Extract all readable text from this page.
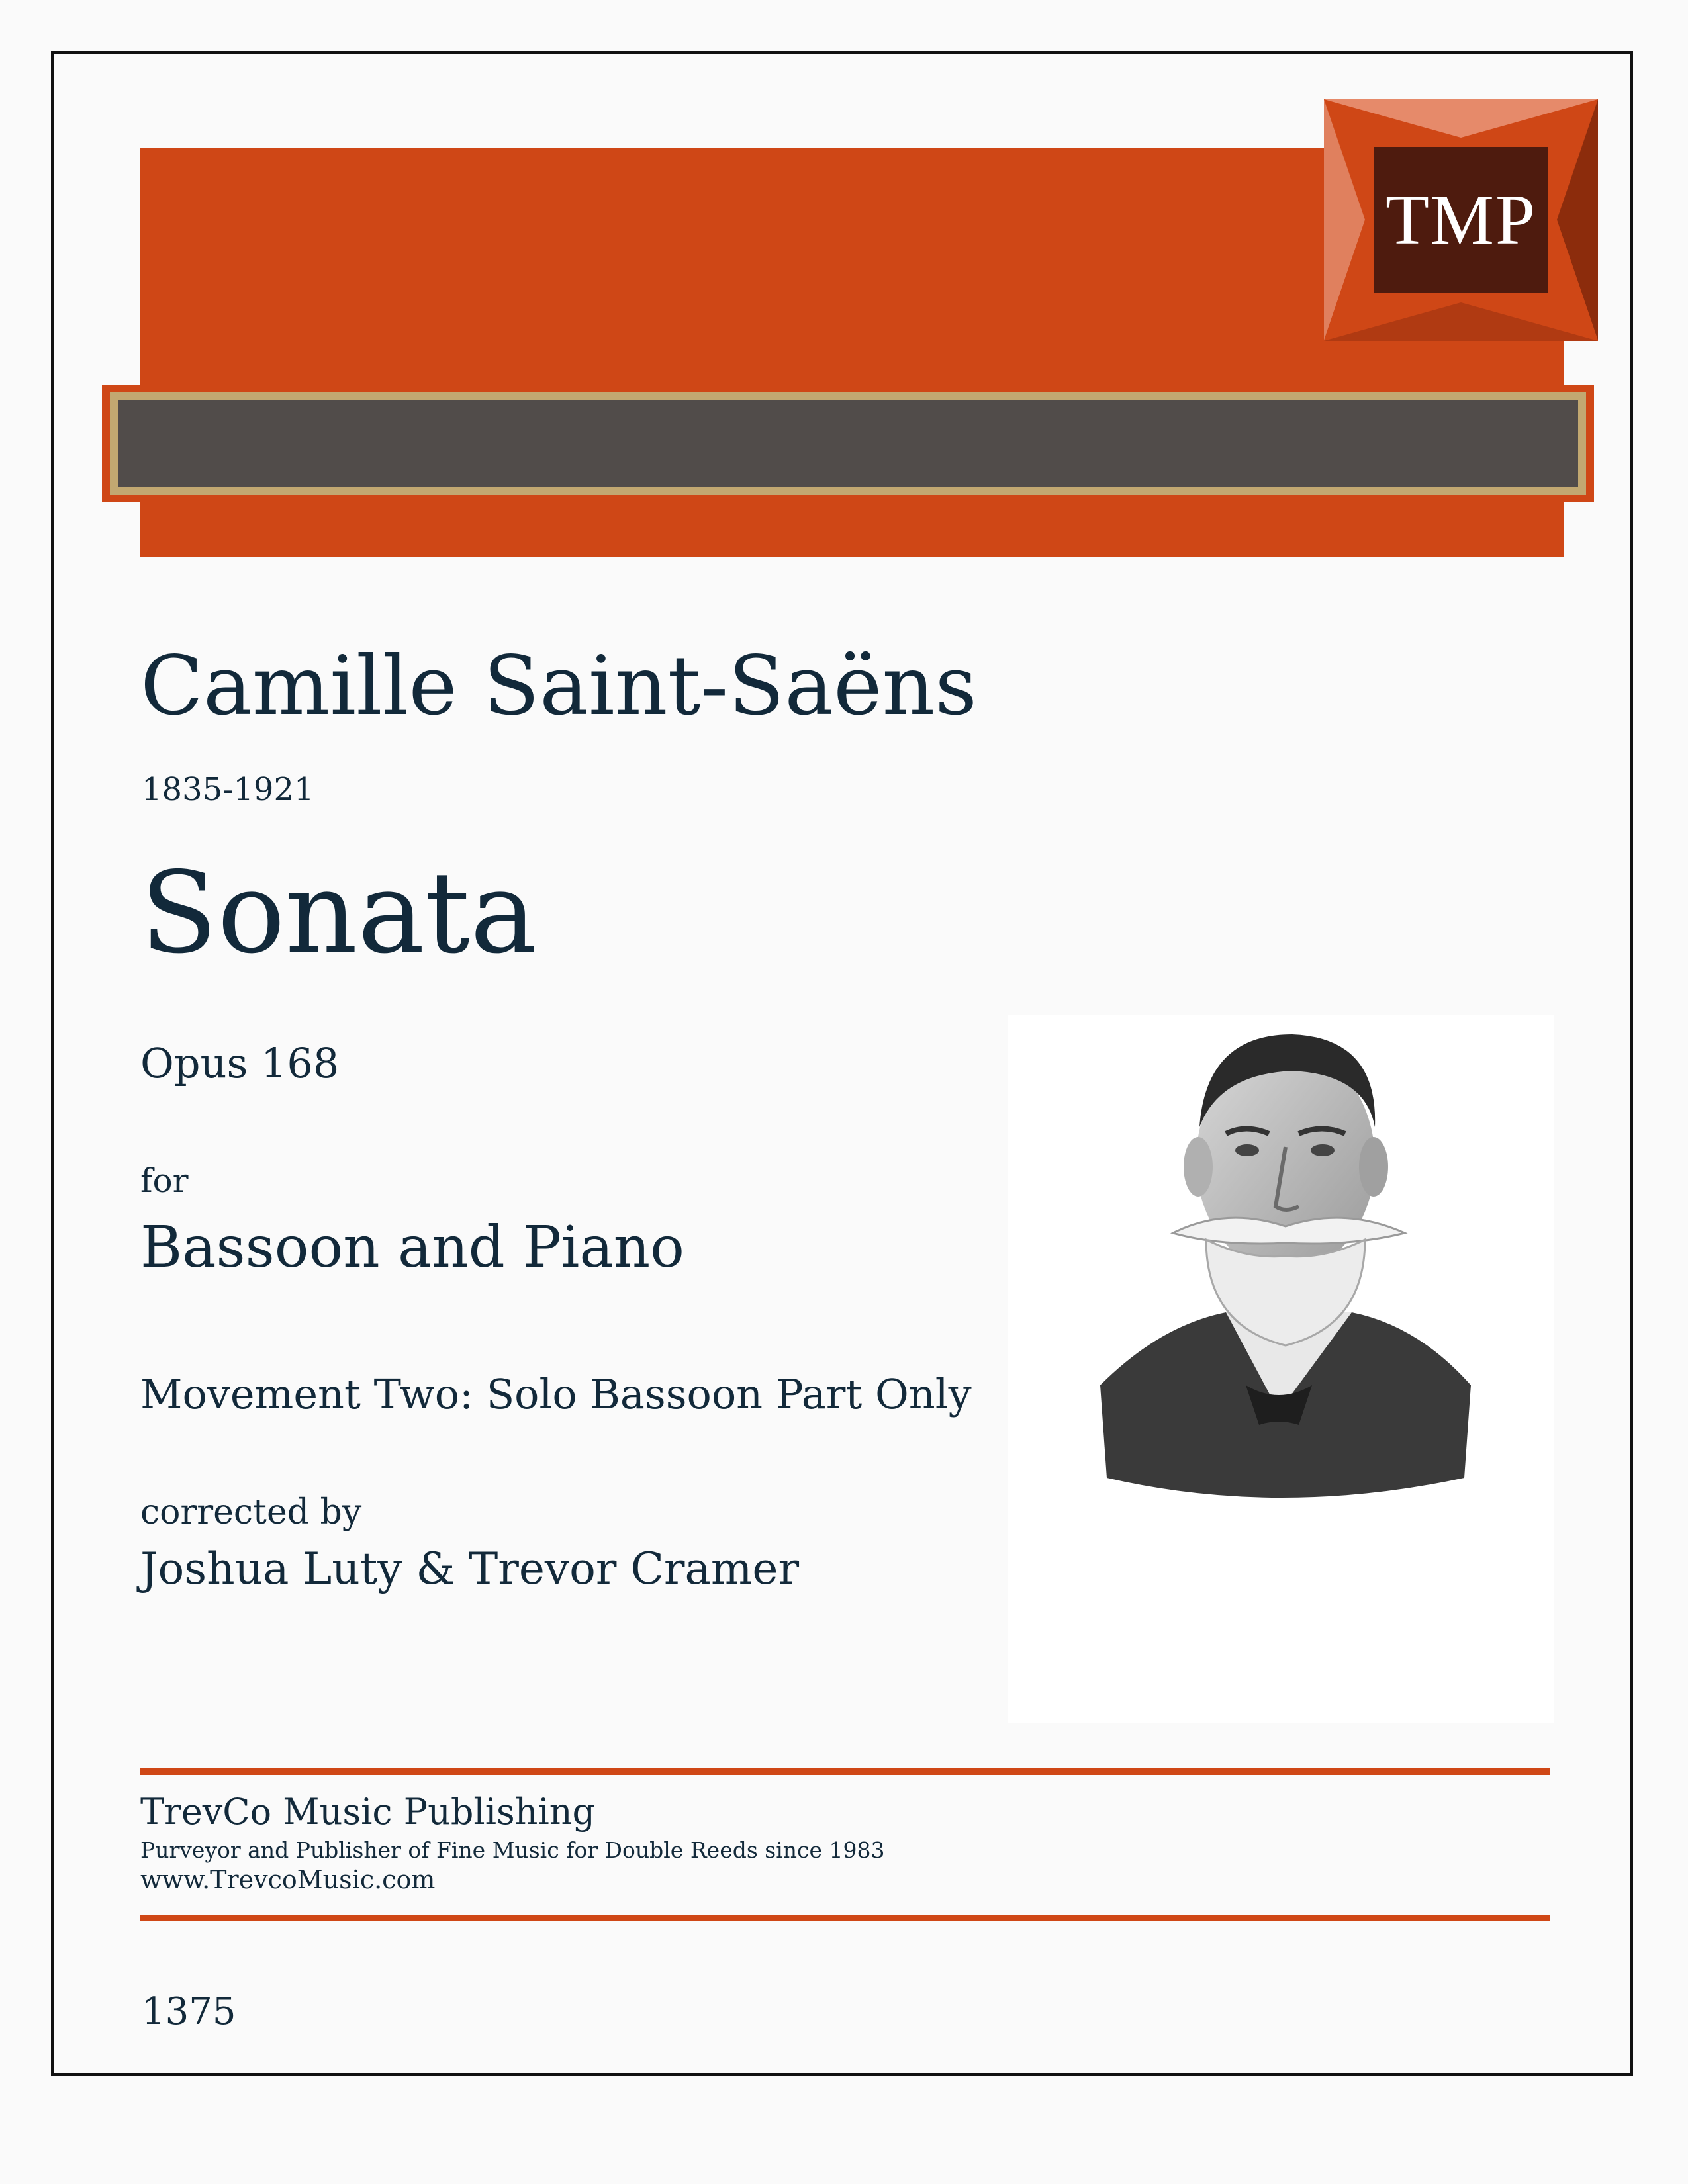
TMP
Camille Saint-Saëns
1835-1921
Sonata
Opus 168
for
Bassoon and Piano
Movement Two: Solo Bassoon Part Only
corrected by
Joshua Luty & Trevor Cramer
TrevCo Music Publishing
Purveyor and Publisher of Fine Music for Double Reeds since 1983
www.TrevcoMusic.com
1375
